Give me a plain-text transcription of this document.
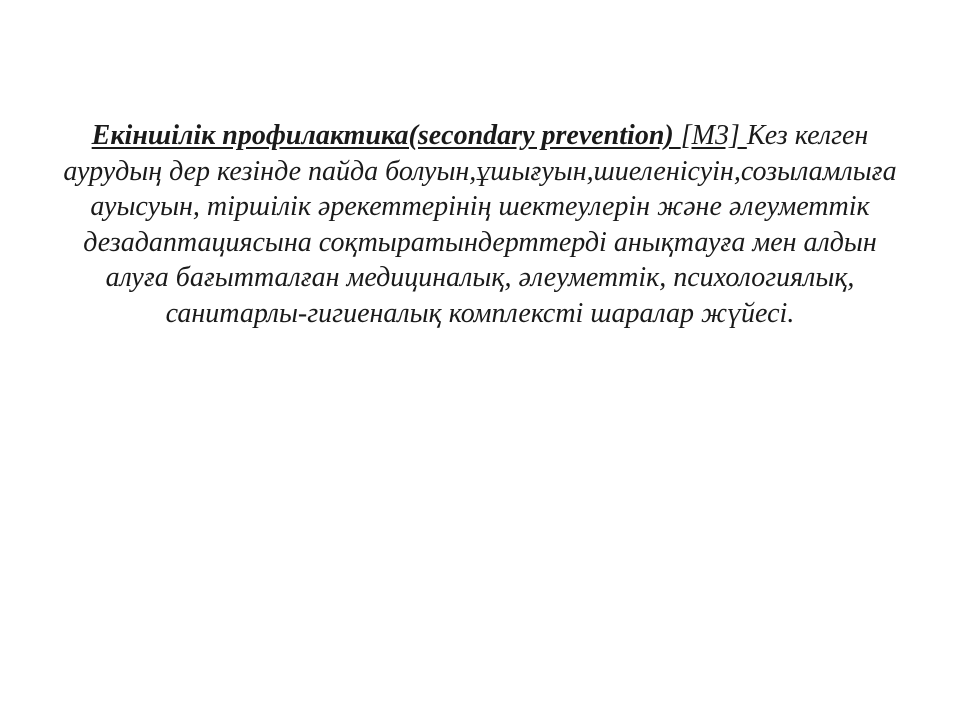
Екіншілік профилактика(secondary prevention) [М3] Кез келген аурудың дер кезінде пайда болуын,ұшығуын,шиеленісуін,созыламлыға ауысуын, тіршілік әрекеттерінің шектеулерін және әлеуметтік дезадаптациясына соқтыратындерттерді анықтауға мен алдын алуға бағытталған медициналық, әлеуметтік, психологиялық, санитарлы-гигиеналық комплексті шаралар жүйесі.
